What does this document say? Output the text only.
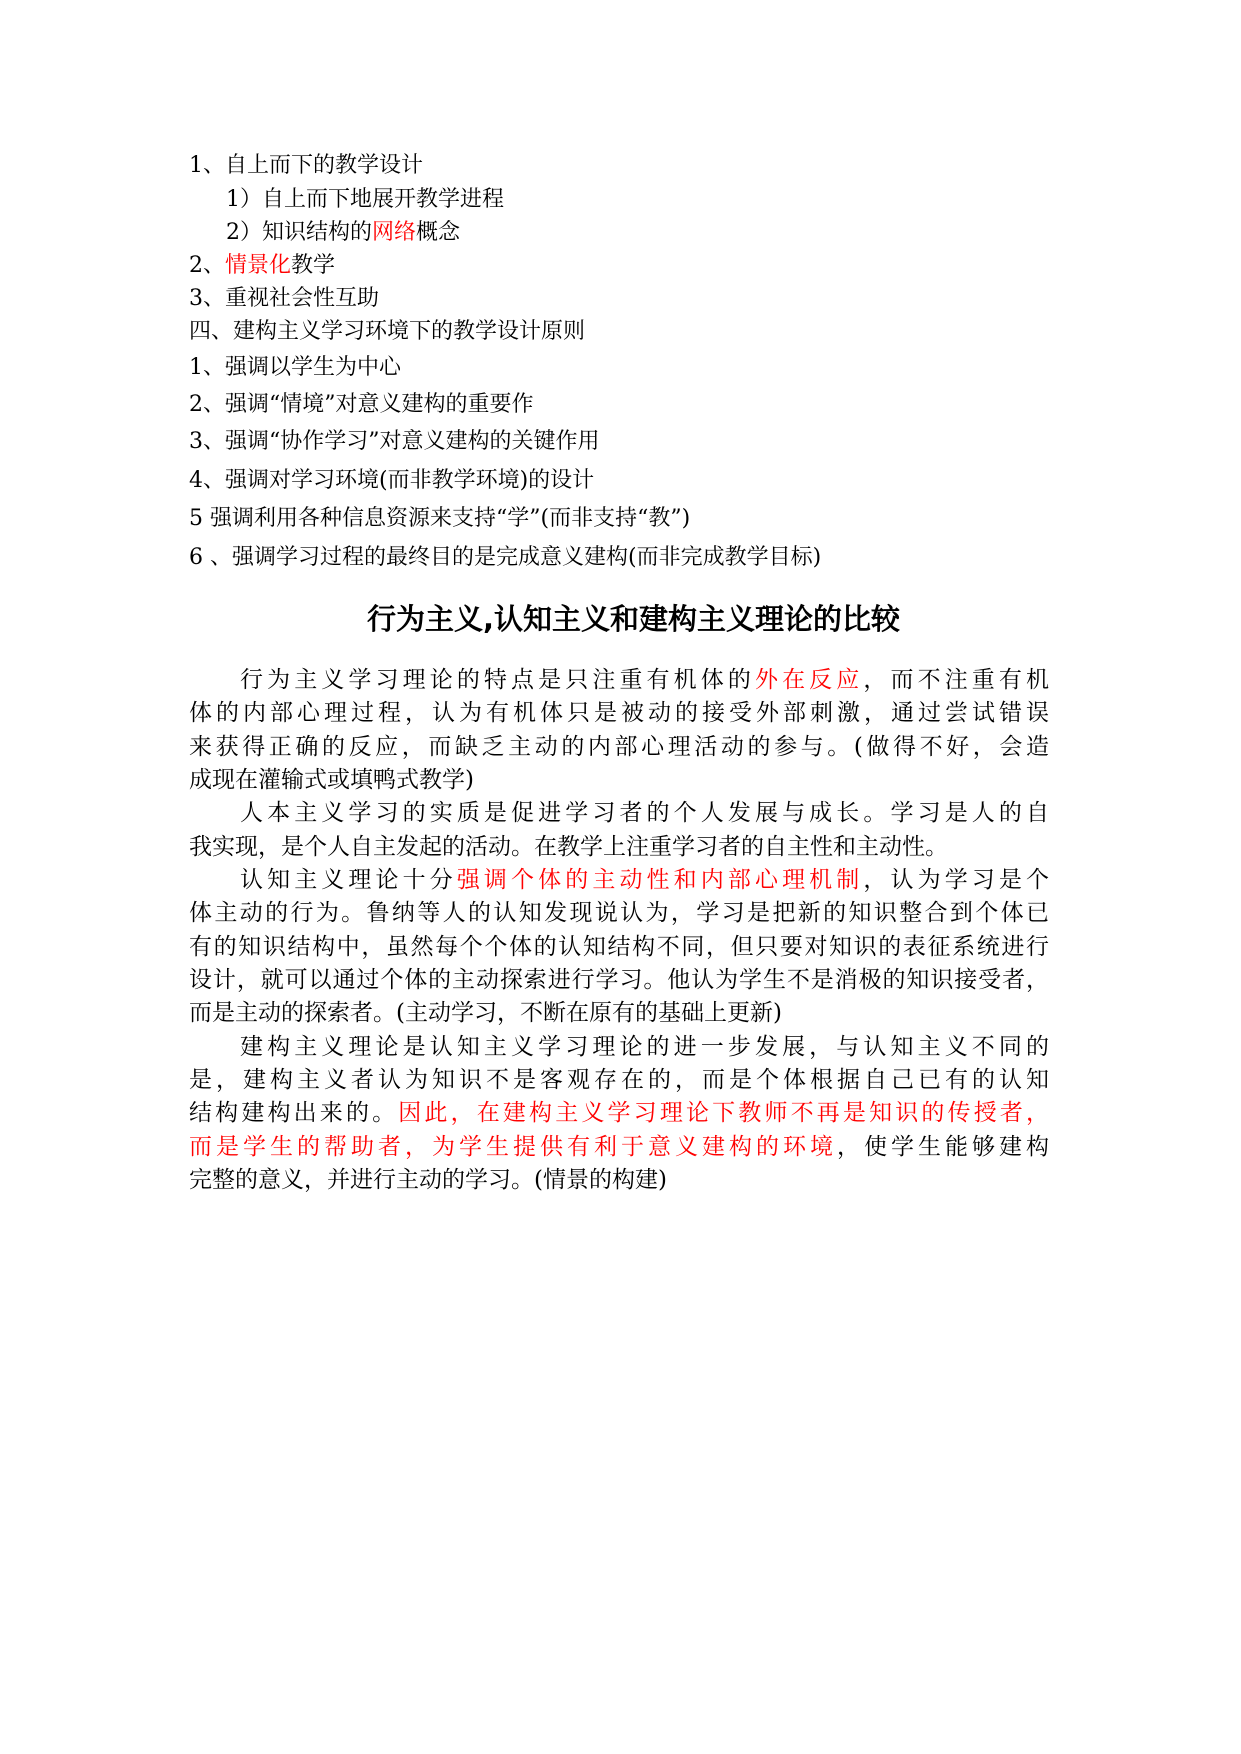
1、自上而下的教学设计
1）自上而下地展开教学进程
2）知识结构的网络概念
2、情景化教学
3、重视社会性互助
四、建构主义学习环境下的教学设计原则
1、强调以学生为中心
2、强调“情境”对意义建构的重要作
3、强调“协作学习”对意义建构的关键作用
4、强调对学习环境(而非教学环境)的设计
5 强调利用各种信息资源来支持“学”(而非支持“教”)
6 、强调学习过程的最终目的是完成意义建构(而非完成教学目标)
行为主义,认知主义和建构主义理论的比较
行为主义学习理论的特点是只注重有机体的外在反应，而不注重有机
体的内部心理过程，认为有机体只是被动的接受外部刺激，通过尝试错误
来获得正确的反应，而缺乏主动的内部心理活动的参与。(做得不好，会造
成现在灌输式或填鸭式教学)
人本主义学习的实质是促进学习者的个人发展与成长。学习是人的自
我实现，是个人自主发起的活动。在教学上注重学习者的自主性和主动性。
认知主义理论十分强调个体的主动性和内部心理机制，认为学习是个
体主动的行为。鲁纳等人的认知发现说认为，学习是把新的知识整合到个体已
有的知识结构中，虽然每个个体的认知结构不同，但只要对知识的表征系统进行
设计，就可以通过个体的主动探索进行学习。他认为学生不是消极的知识接受者，
而是主动的探索者。(主动学习，不断在原有的基础上更新)
建构主义理论是认知主义学习理论的进一步发展，与认知主义不同的
是，建构主义者认为知识不是客观存在的，而是个体根据自己已有的认知
结构建构出来的。因此，在建构主义学习理论下教师不再是知识的传授者，
而是学生的帮助者，为学生提供有利于意义建构的环境，使学生能够建构
完整的意义，并进行主动的学习。(情景的构建)
